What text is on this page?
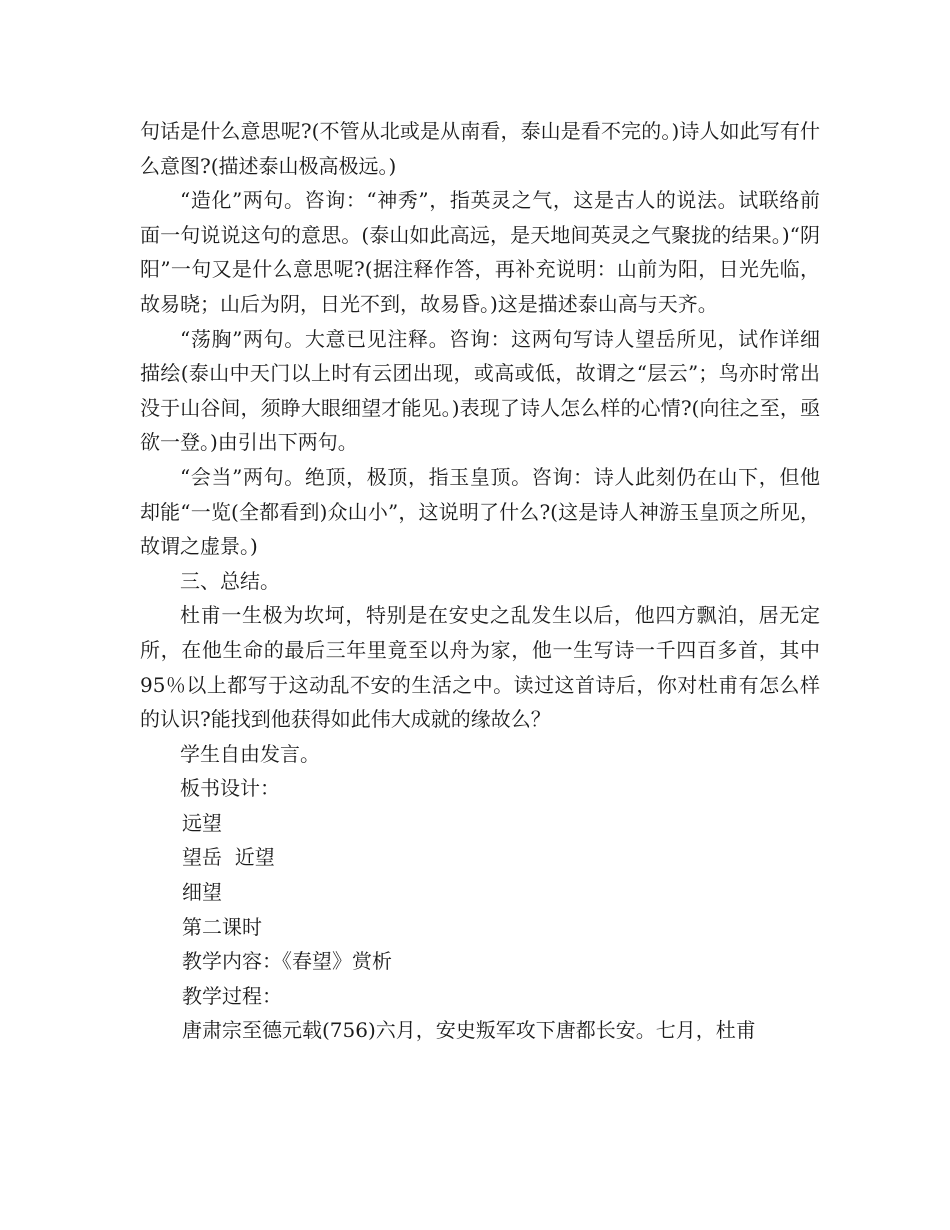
句话是什么意思呢?(不管从北或是从南看，泰山是看不完的。)诗人如此写有什么意图?(描述泰山极高极远。)

“造化”两句。咨询：“神秀”，指英灵之气，这是古人的说法。试联络前面一句说说这句的意思。(泰山如此高远，是天地间英灵之气聚拢的结果。)“阴阳”一句又是什么意思呢?(据注释作答，再补充说明：山前为阳，日光先临，故易晓；山后为阴，日光不到，故易昏。)这是描述泰山高与天齐。

“荡胸”两句。大意已见注释。咨询：这两句写诗人望岳所见，试作详细描绘(泰山中天门以上时有云团出现，或高或低，故谓之“层云”；鸟亦时常出没于山谷间，须睁大眼细望才能见。)表现了诗人怎么样的心情?(向往之至，亟欲一登。)由引出下两句。

“会当”两句。绝顶，极顶，指玉皇顶。咨询：诗人此刻仍在山下，但他却能“一览(全都看到)众山小”，这说明了什么?(这是诗人神游玉皇顶之所见，故谓之虚景。)

三、总结。

杜甫一生极为坎坷，特别是在安史之乱发生以后，他四方飘泊，居无定所，在他生命的最后三年里竟至以舟为家，他一生写诗一千四百多首，其中95％以上都写于这动乱不安的生活之中。读过这首诗后，你对杜甫有怎么样的认识?能找到他获得如此伟大成就的缘故么？

学生自由发言。

板书设计：

远望

望岳  近望

细望

第二课时

教学内容：《春望》赏析

教学过程：

唐肃宗至德元载(756)六月，安史叛军攻下唐都长安。七月，杜甫
